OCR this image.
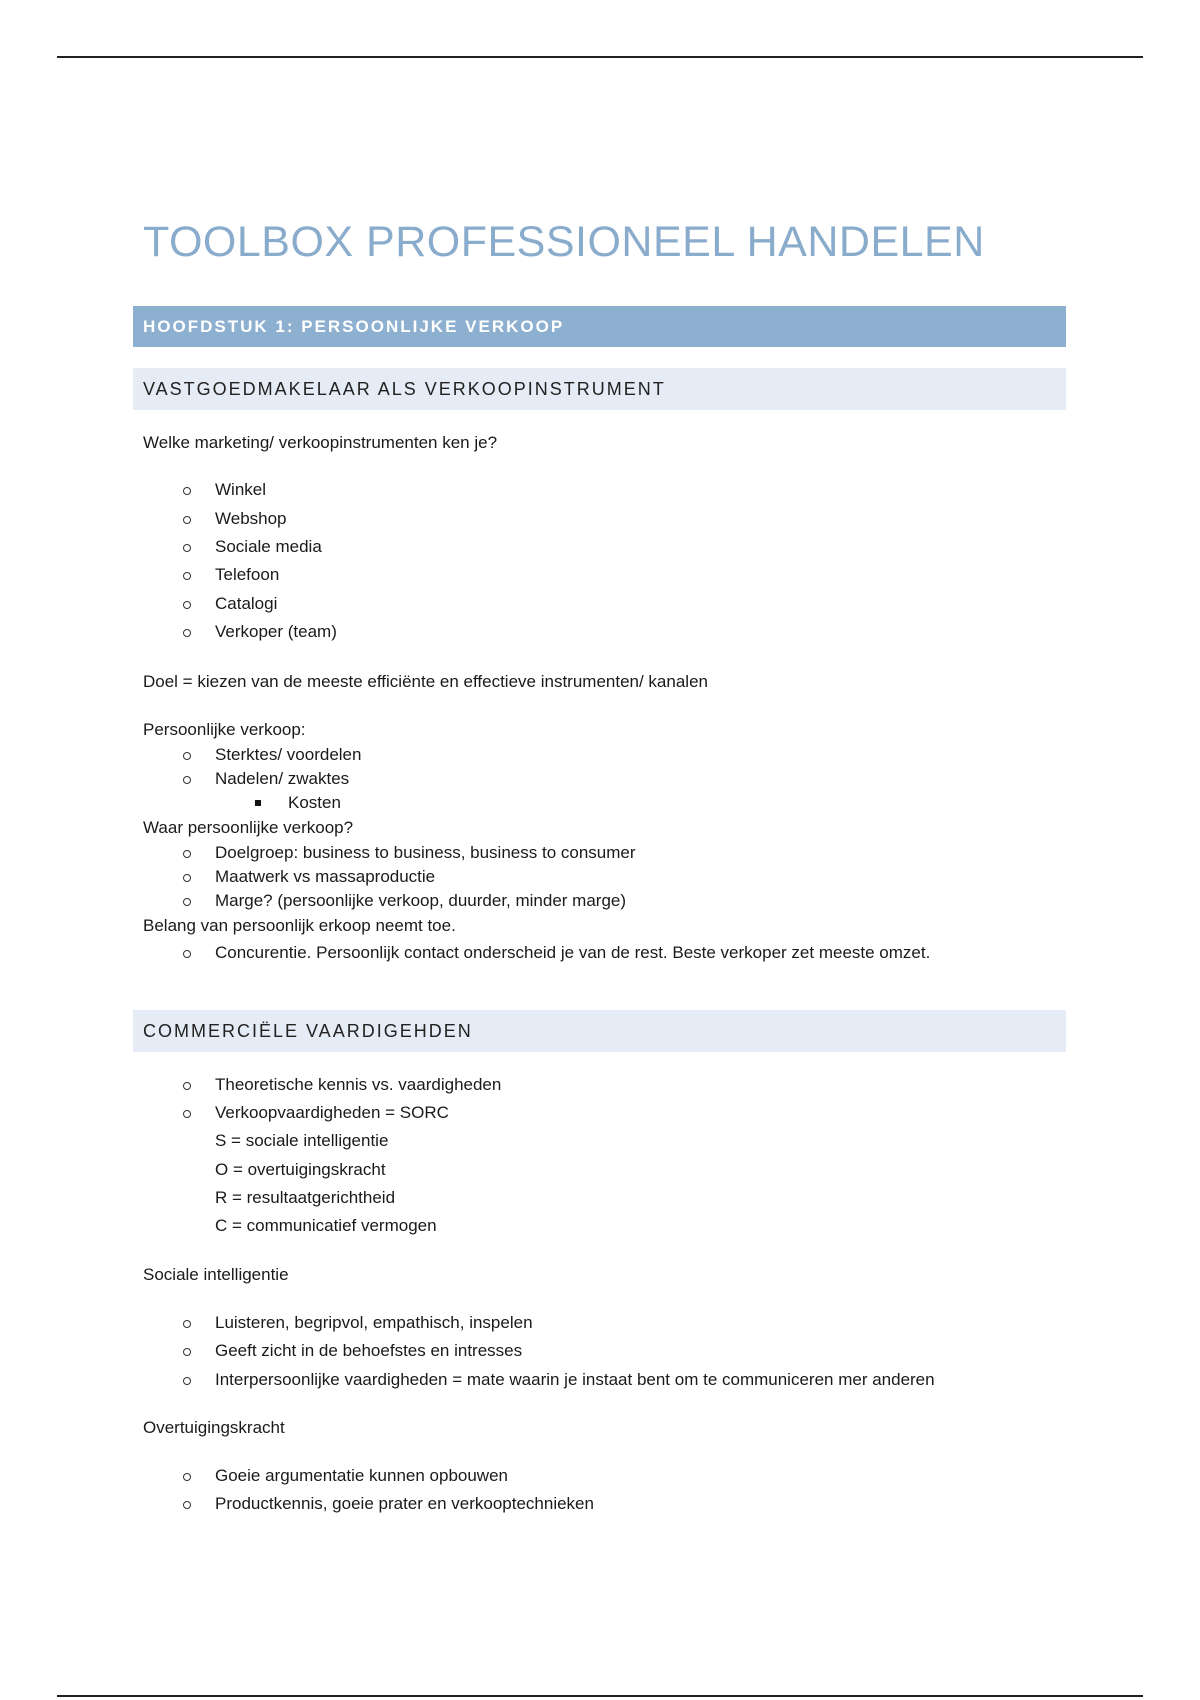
TOOLBOX PROFESSIONEEL HANDELEN
HOOFDSTUK 1: PERSOONLIJKE VERKOOP
VASTGOEDMAKELAAR ALS VERKOOPINSTRUMENT
Welke marketing/ verkoopinstrumenten ken je?
Winkel
Webshop
Sociale media
Telefoon
Catalogi
Verkoper (team)
Doel = kiezen van de meeste efficiënte en effectieve instrumenten/ kanalen
Persoonlijke verkoop:
Sterktes/ voordelen
Nadelen/ zwaktes
Kosten
Waar persoonlijke verkoop?
Doelgroep: business to business, business to consumer
Maatwerk vs massaproductie
Marge? (persoonlijke verkoop, duurder, minder marge)
Belang van persoonlijk erkoop neemt toe.
Concurentie. Persoonlijk contact onderscheid je van de rest. Beste verkoper zet meeste omzet.
COMMERCIËLE VAARDIGEHDEN
Theoretische kennis vs. vaardigheden
Verkoopvaardigheden = SORC
S = sociale intelligentie
O = overtuigingskracht
R = resultaatgerichtheid
C = communicatief vermogen
Sociale intelligentie
Luisteren, begripvol, empathisch, inspelen
Geeft zicht in de behoefstes en intresses
Interpersoonlijke vaardigheden = mate waarin je instaat bent om te communiceren mer anderen
Overtuigingskracht
Goeie argumentatie kunnen opbouwen
Productkennis, goeie prater en verkooptechnieken
